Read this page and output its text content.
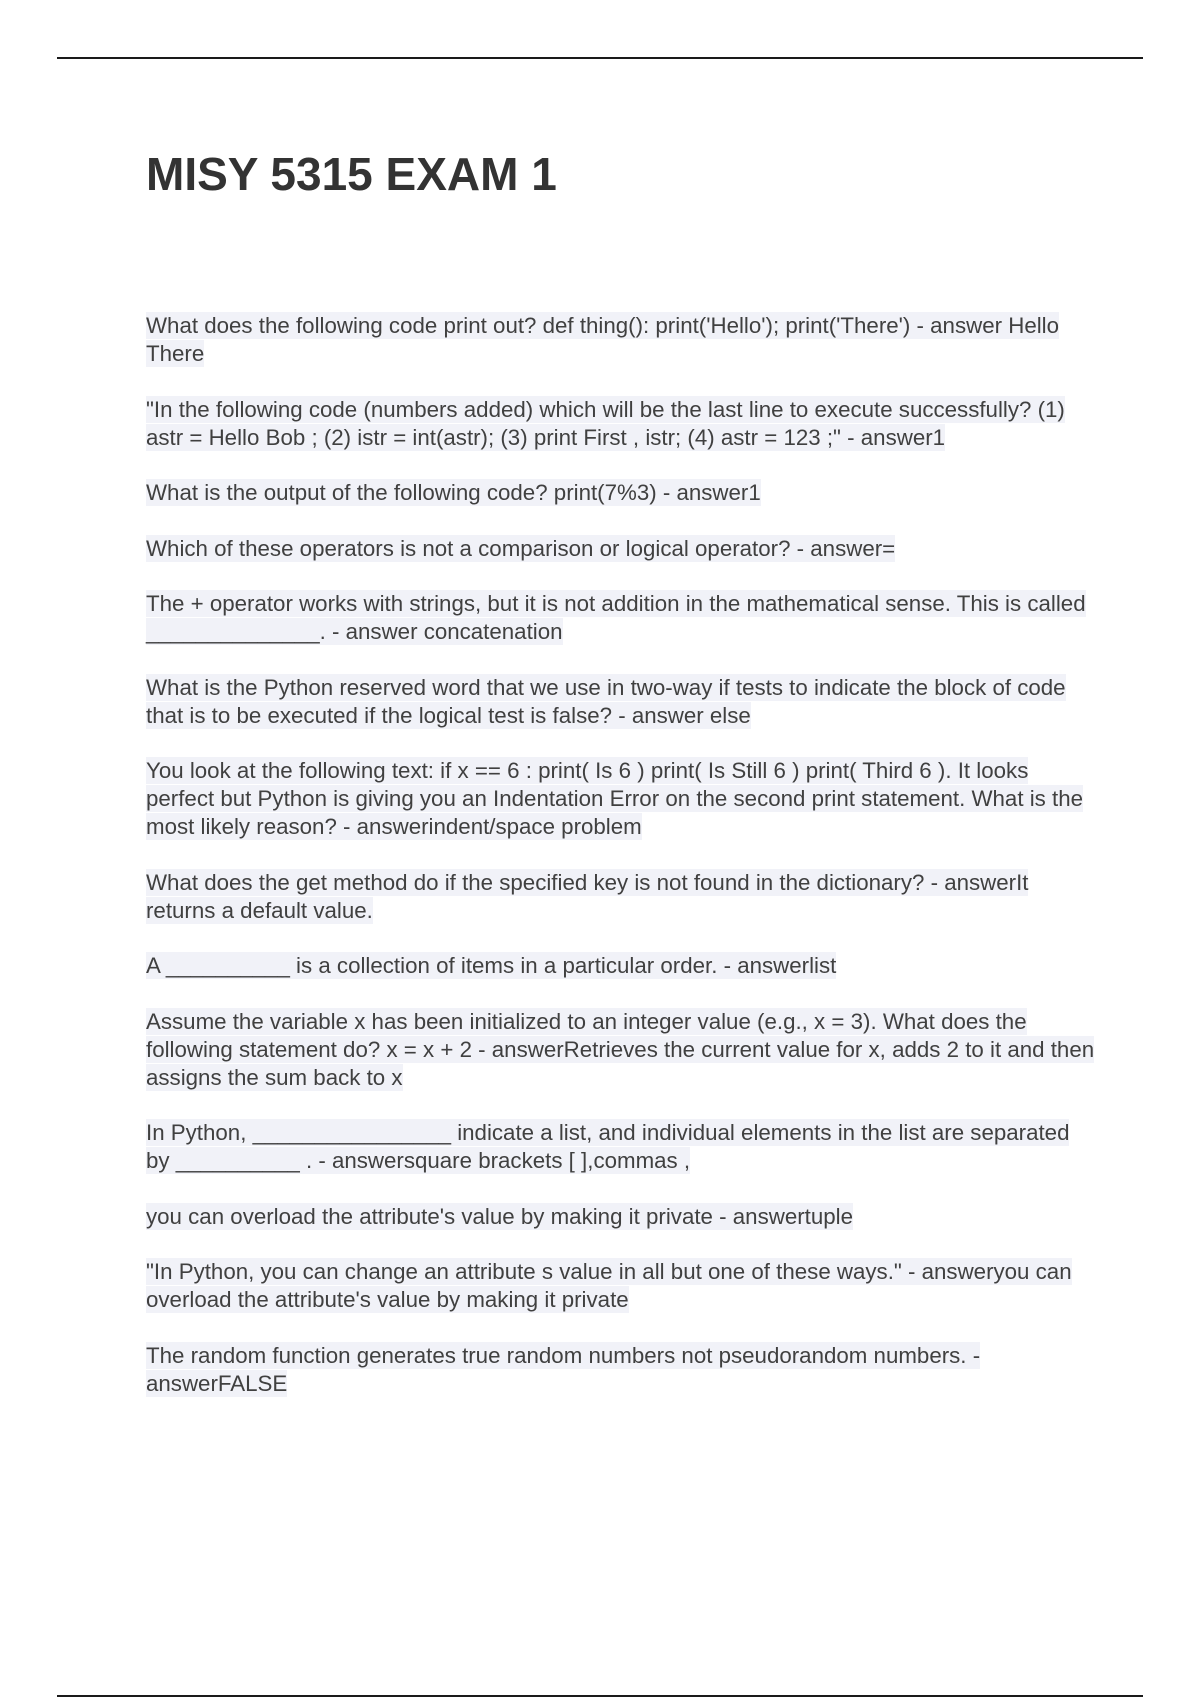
MISY 5315 EXAM 1
What does the following code print out? def thing(): print('Hello'); print('There') - answer Hello There
"In the following code (numbers added) which will be the last line to execute successfully? (1) astr = Hello Bob ; (2) istr = int(astr); (3) print First , istr; (4) astr = 123 ;" - answer1
What is the output of the following code? print(7%3) - answer1
Which of these operators is not a comparison or logical operator? - answer=
The + operator works with strings, but it is not addition in the mathematical sense. This is called ______________. - answer concatenation
What is the Python reserved word that we use in two-way if tests to indicate the block of code that is to be executed if the logical test is false? - answer else
You look at the following text: if x == 6 : print( Is 6 ) print( Is Still 6 ) print( Third 6 ). It looks perfect but Python is giving you an Indentation Error on the second print statement. What is the most likely reason? - answerindent/space problem
What does the get method do if the specified key is not found in the dictionary? - answerIt returns a default value.
A __________ is a collection of items in a particular order. - answerlist
Assume the variable x has been initialized to an integer value (e.g., x = 3). What does the following statement do? x = x + 2 - answerRetrieves the current value for x, adds 2 to it and then assigns the sum back to x
In Python, ________________ indicate a list, and individual elements in the list are separated by __________ . - answersquare brackets [ ],commas ,
you can overload the attribute's value by making it private - answertuple
"In Python, you can change an attribute s value in all but one of these ways." - answeryou can overload the attribute's value by making it private
The random function generates true random numbers not pseudorandom numbers. - answerFALSE
